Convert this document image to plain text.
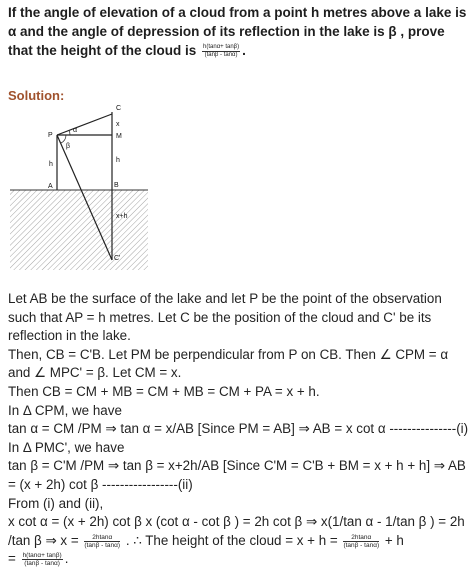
If the angle of elevation of a cloud from a point h metres above a lake is α and the angle of depression of its reflection in the lake is β , prove that the height of the cloud is $\frac{h(\tan\alpha+ \tan\beta)}{(\tan\beta - \tan\alpha)}$ .
Solution:
C
x
M
P
α
β
h
h
A	B
x+h
C'

Let AB be the surface of the lake and let P be the point of the observation such that AP = h metres. Let C be the position of the cloud and C' be its reflection in the lake.

Then, CB = C'B. Let PM be perpendicular from P on CB. Then ∠ CPM = α and ∠ MPC' = β. Let CM = x.

Then CB = CM + MB = CM + MB = CM + PA = x + h.

In Δ CPM, we have

tan α = CM /PM ⇒ tan α = x/AB [Since PM = AB] ⇒ AB = x cot α ---------------(i)

In Δ PMC', we have

tan β = C'M /PM ⇒ tan β = x+2h/AB [Since C'M = C'B + BM = x + h + h] ⇒ AB = (x + 2h) cot β -----------------(ii)

From (i) and (ii),

x cot α = (x + 2h) cot β x (cot α - cot β ) = 2h cot β ⇒ x(1/tan α - 1/tan β ) = 2h /tan β ⇒ $x = \frac{2htan\alpha}{(\tan\beta - \tan\alpha)}$ . ∴ The height of the cloud = $x + h = \frac{2htan\alpha}{(\tan\beta - \tan\alpha)} + h$

= $\frac{h(\tan\alpha+ \tan\beta)}{(\tan\beta - \tan\alpha)}$ .
